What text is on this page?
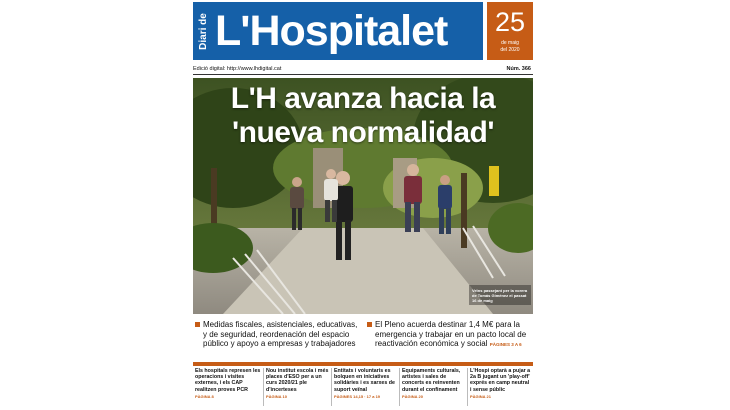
Diari de L'Hospitalet 25
de maig
del 2020
Edició digital: http://www.lhdigital.cat	Núm. 366
L'H avanza hacia la
'nueva normalidad'
Veïns passejant per la vorera de Tomás Giménez el passat 16 de maig
Medidas fiscales, asistenciales, educativas, y de seguridad, reordenación del espacio público y apoyo a empresas y trabajadores
El Pleno acuerda destinar 1,4 M€ para la emergencia y trabajar en un pacto local de reactivación económica y social PÀGINES 3 A 6
Els hospitals represen les operacions i visites externes, i els CAP realitzen proves PCR
PÀGINA 8
Nou institut escola i més places d'ESO per a un curs 2020/21 ple d'incerteses
PÀGINA 10
Entitats i voluntaris es bolquen en iniciatives solidàries i es xarxes de suport veïnal
PÀGINES 14,15 · 17 a 19
Equipaments culturals, artistes i sales de concerts es reinventen durant el confinament
PÀGINA 20
L'Hospi optarà a pujar a 2a B jugant un 'play-off' exprés en camp neutral i sense públic
PÀGINA 21
